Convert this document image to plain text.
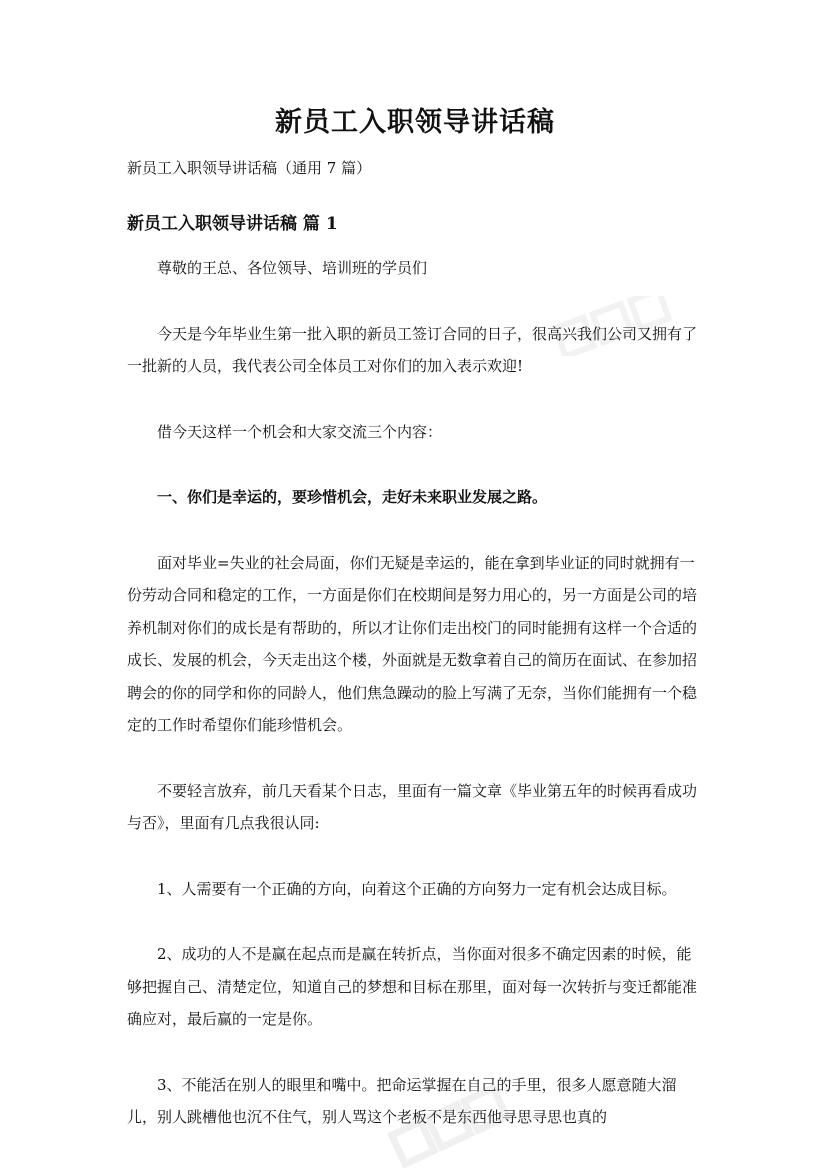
新员工入职领导讲话稿

新员工入职领导讲话稿（通用 7 篇）

新员工入职领导讲话稿 篇 1

尊敬的王总、各位领导、培训班的学员们

今天是今年毕业生第一批入职的新员工签订合同的日子，很高兴我们公司又拥有了一批新的人员，我代表公司全体员工对你们的加入表示欢迎!

借今天这样一个机会和大家交流三个内容：

一、你们是幸运的，要珍惜机会，走好未来职业发展之路。

面对毕业=失业的社会局面，你们无疑是幸运的，能在拿到毕业证的同时就拥有一份劳动合同和稳定的工作，一方面是你们在校期间是努力用心的，另一方面是公司的培养机制对你们的成长是有帮助的，所以才让你们走出校门的同时能拥有这样一个合适的成长、发展的机会，今天走出这个楼，外面就是无数拿着自己的简历在面试、在参加招聘会的你的同学和你的同龄人，他们焦急躁动的脸上写满了无奈，当你们能拥有一个稳定的工作时希望你们能珍惜机会。

不要轻言放弃，前几天看某个日志，里面有一篇文章《毕业第五年的时候再看成功与否》，里面有几点我很认同:

1、人需要有一个正确的方向，向着这个正确的方向努力一定有机会达成目标。

2、成功的人不是赢在起点而是赢在转折点，当你面对很多不确定因素的时候，能够把握自己、清楚定位，知道自己的梦想和目标在那里，面对每一次转折与变迁都能准确应对，最后赢的一定是你。

3、不能活在别人的眼里和嘴中。把命运掌握在自己的手里，很多人愿意随大溜儿，别人跳槽他也沉不住气，别人骂这个老板不是东西他寻思寻思也真的
